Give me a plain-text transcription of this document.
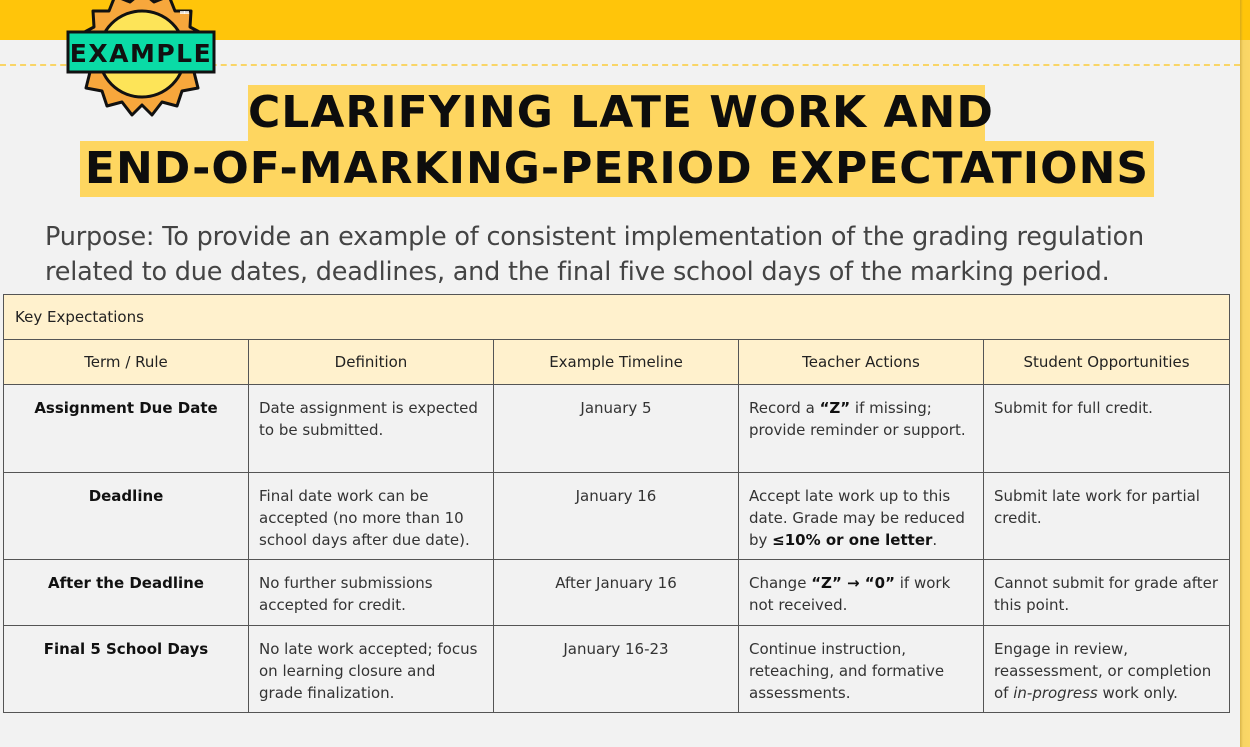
EXAMPLE
CLARIFYING LATE WORK AND
END-OF-MARKING-PERIOD EXPECTATIONS
Purpose: To provide an example of consistent implementation of the grading regulation related to due dates, deadlines, and the final five school days of the marking period.
Key Expectations				
Term / Rule	Definition	Example Timeline	Teacher Actions	Student Opportunities
Assignment Due Date	Date assignment is expected to be submitted.	January 5	Record a “Z” if missing; provide reminder or support.	Submit for full credit.
Deadline	Final date work can be accepted (no more than 10 school days after due date).	January 16	Accept late work up to this date. Grade may be reduced by ≤10% or one letter.	Submit late work for partial credit.
After the Deadline	No further submissions accepted for credit.	After January 16	Change “Z” → “0” if work not received.	Cannot submit for grade after this point.
Final 5 School Days	No late work accepted; focus on learning closure and grade finalization.	January 16-23	Continue instruction, reteaching, and formative assessments.	Engage in review, reassessment, or completion of in-progress work only.
